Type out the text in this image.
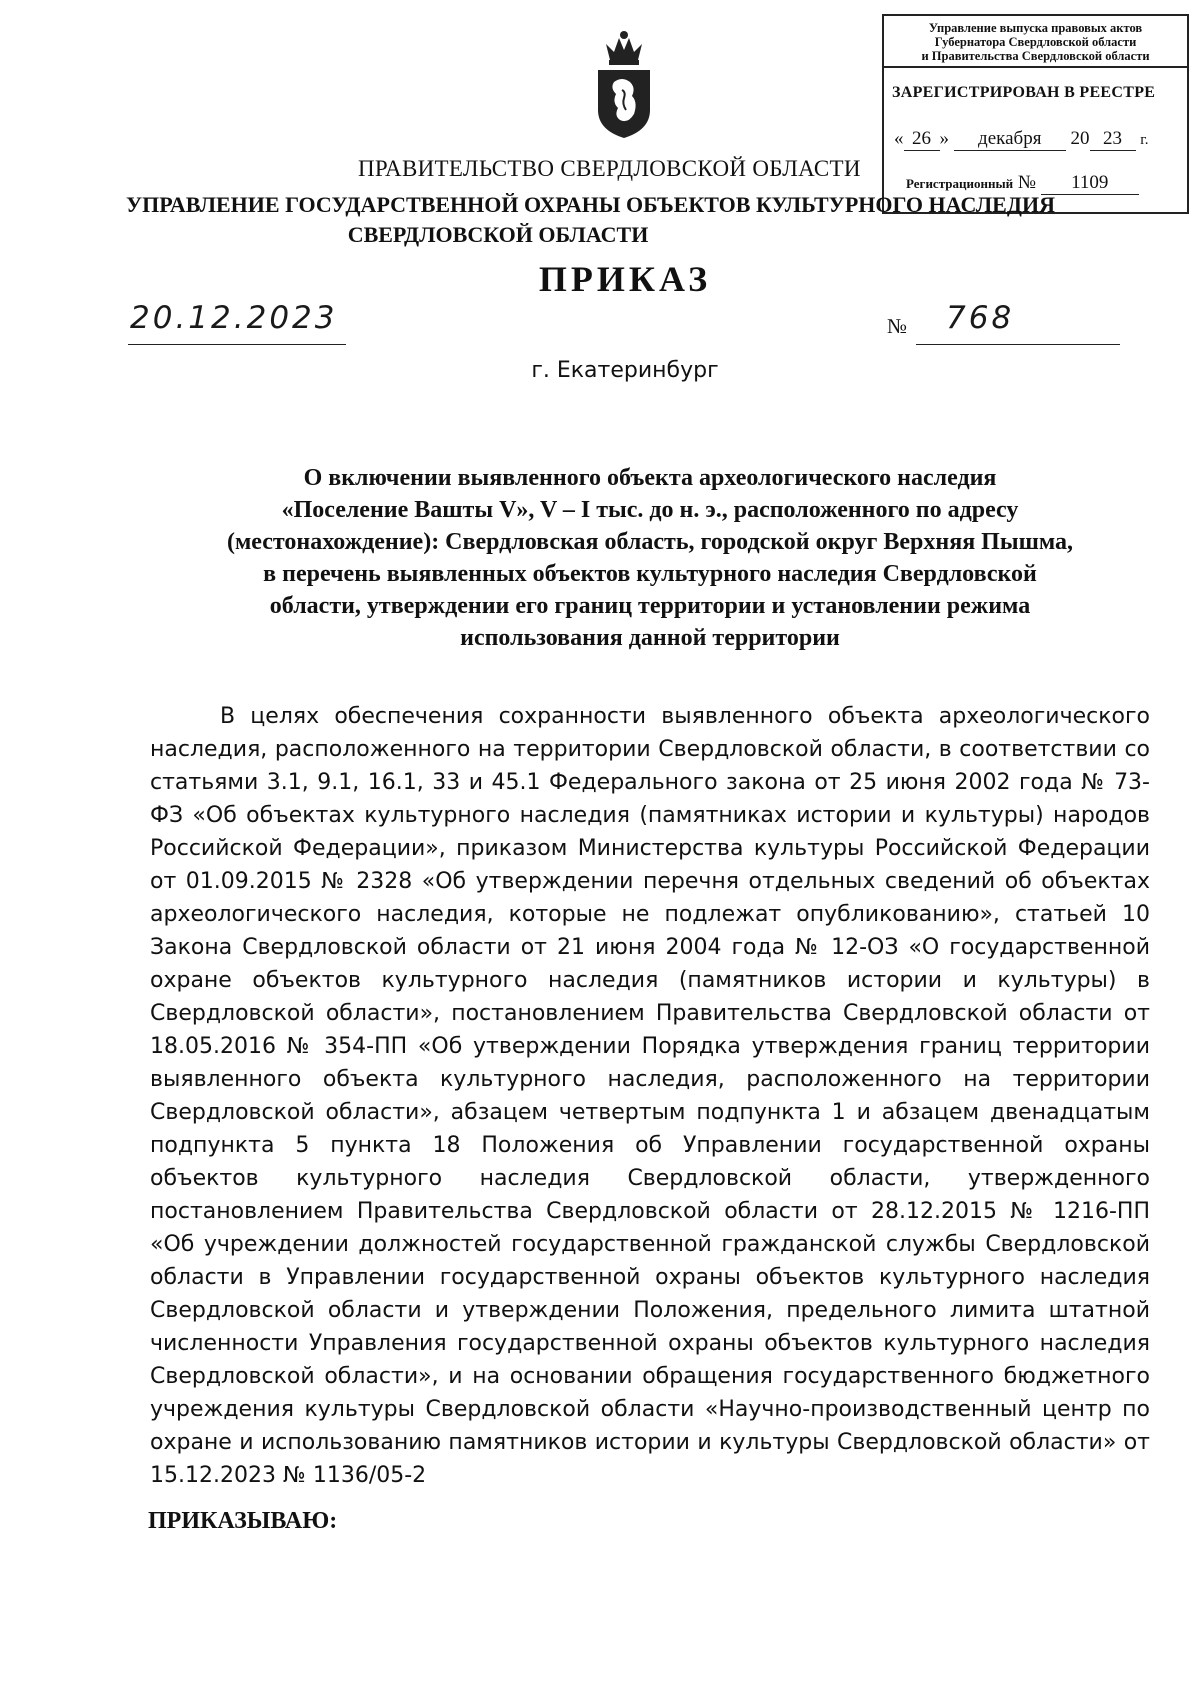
Управление выпуска правовых актов
Губернатора Свердловской области
и Правительства Свердловской области
ЗАРЕГИСТРИРОВАН В РЕЕСТРЕ
« 26 » декабря 20 23 г.
Регистрационный № 1109
ПРАВИТЕЛЬСТВО СВЕРДЛОВСКОЙ ОБЛАСТИ
УПРАВЛЕНИЕ ГОСУДАРСТВЕННОЙ ОХРАНЫ ОБЪЕКТОВ КУЛЬТУРНОГО НАСЛЕДИЯ
СВЕРДЛОВСКОЙ ОБЛАСТИ
ПРИКАЗ
20.12.2023	№ 768
г. Екатеринбург
О включении выявленного объекта археологического наследия
«Поселение Вашты V», V – I тыс. до н. э., расположенного по адресу
(местонахождение): Свердловская область, городской округ Верхняя Пышма,
в перечень выявленных объектов культурного наследия Свердловской
области, утверждении его границ территории и установлении режима
использования данной территории
В целях обеспечения сохранности выявленного объекта археологического наследия, расположенного на территории Свердловской области, в соответствии со статьями 3.1, 9.1, 16.1, 33 и 45.1 Федерального закона от 25 июня 2002 года № 73-ФЗ «Об объектах культурного наследия (памятниках истории и культуры) народов Российской Федерации», приказом Министерства культуры Российской Федерации от 01.09.2015 № 2328 «Об утверждении перечня отдельных сведений об объектах археологического наследия, которые не подлежат опубликованию», статьей 10 Закона Свердловской области от 21 июня 2004 года № 12-ОЗ «О государственной охране объектов культурного наследия (памятников истории и культуры) в Свердловской области», постановлением Правительства Свердловской области от 18.05.2016 № 354-ПП «Об утверждении Порядка утверждения границ территории выявленного объекта культурного наследия, расположенного на территории Свердловской области», абзацем четвертым подпункта 1 и абзацем двенадцатым подпункта 5 пункта 18 Положения об Управлении государственной охраны объектов культурного наследия Свердловской области, утвержденного постановлением Правительства Свердловской области от 28.12.2015 № 1216-ПП «Об учреждении должностей государственной гражданской службы Свердловской области в Управлении государственной охраны объектов культурного наследия Свердловской области и утверждении Положения, предельного лимита штатной численности Управления государственной охраны объектов культурного наследия Свердловской области», и на основании обращения государственного бюджетного учреждения культуры Свердловской области «Научно-производственный центр по охране и использованию памятников истории и культуры Свердловской области» от 15.12.2023 № 1136/05-2
ПРИКАЗЫВАЮ:
